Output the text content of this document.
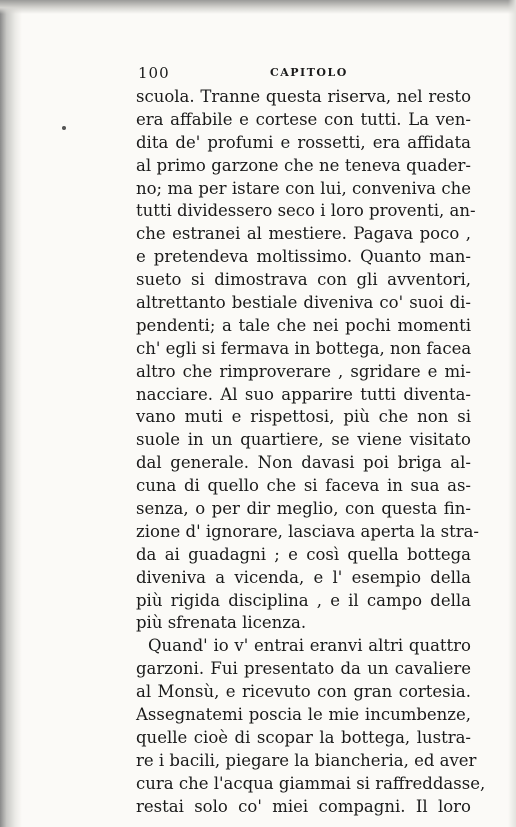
100	CAPITOLO
scuola. Tranne questa riserva, nel resto
era affabile e cortese con tutti. La ven-
dita de' profumi e rossetti, era affidata
al primo garzone che ne teneva quader-
no; ma per istare con lui, conveniva che
tutti dividessero seco i loro proventi, an-
che estranei al mestiere. Pagava poco ,
e pretendeva moltissimo. Quanto man-
sueto si dimostrava con gli avventori,
altrettanto bestiale diveniva co' suoi di-
pendenti; a tale che nei pochi momenti
ch' egli si fermava in bottega, non facea
altro che rimproverare , sgridare e mi-
nacciare. Al suo apparire tutti diventa-
vano muti e rispettosi, più che non si
suole in un quartiere, se viene visitato
dal generale. Non davasi poi briga al-
cuna di quello che si faceva in sua as-
senza, o per dir meglio, con questa fin-
zione d' ignorare, lasciava aperta la stra-
da ai guadagni ; e così quella bottega
diveniva a vicenda, e l' esempio della
più rigida disciplina , e il campo della
più sfrenata licenza.
Quand' io v' entrai eranvi altri quattro
garzoni. Fui presentato da un cavaliere
al Monsù, e ricevuto con gran cortesia.
Assegnatemi poscia le mie incumbenze,
quelle cioè di scopar la bottega, lustra-
re i bacili, piegare la biancheria, ed aver
cura che l'acqua giammai si raffreddasse,
restai solo co' miei compagni. Il loro
